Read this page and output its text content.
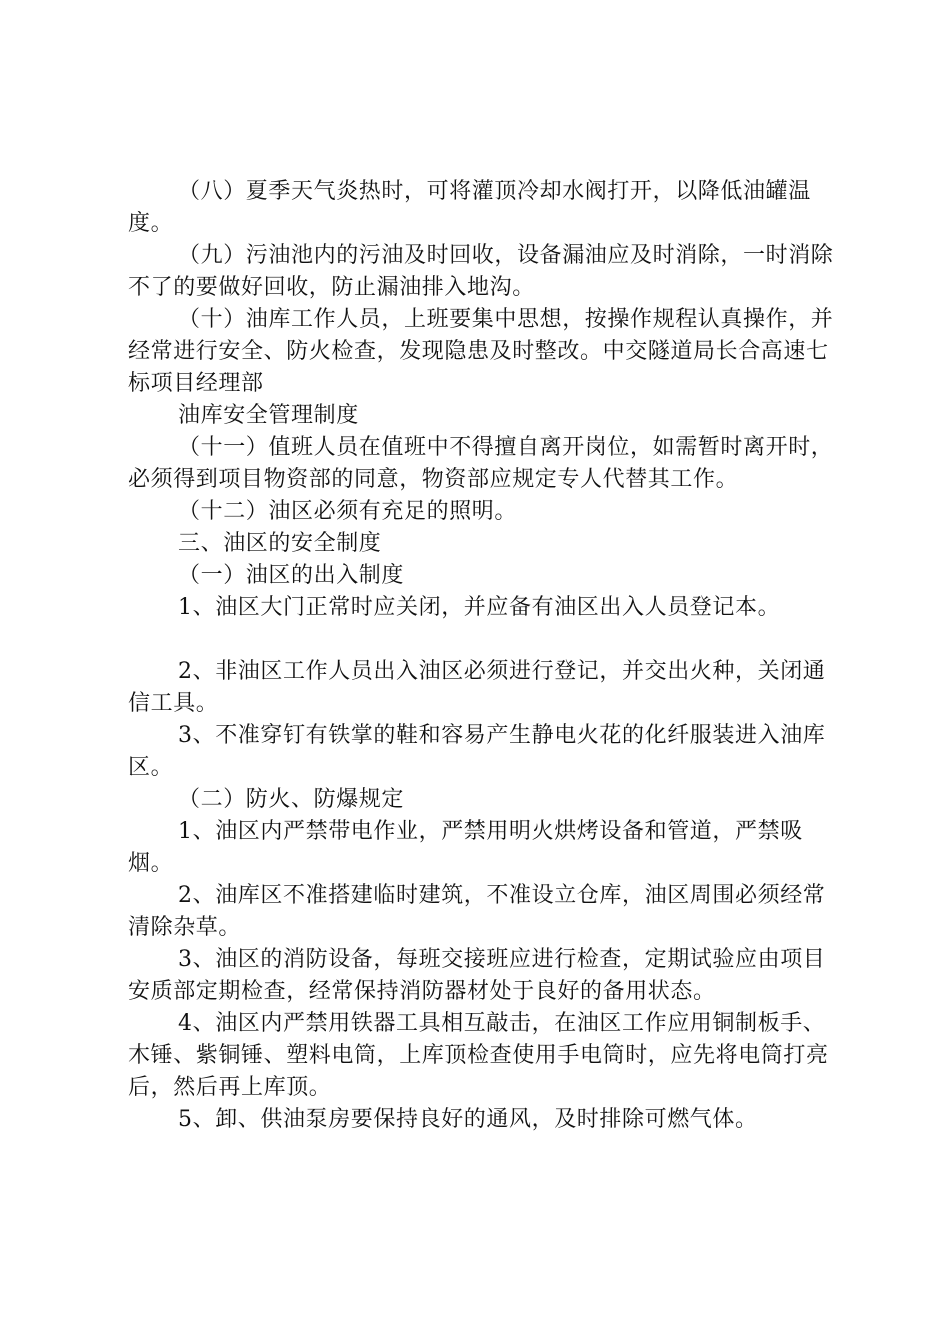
（八）夏季天气炎热时，可将灌顶冷却水阀打开，以降低油罐温度。

（九）污油池内的污油及时回收，设备漏油应及时消除，一时消除不了的要做好回收，防止漏油排入地沟。

（十）油库工作人员，上班要集中思想，按操作规程认真操作，并经常进行安全、防火检查，发现隐患及时整改。中交隧道局长合高速七标项目经理部

油库安全管理制度

（十一）值班人员在值班中不得擅自离开岗位，如需暂时离开时，必须得到项目物资部的同意，物资部应规定专人代替其工作。

（十二）油区必须有充足的照明。

三、油区的安全制度

（一）油区的出入制度

1、油区大门正常时应关闭，并应备有油区出入人员登记本。

2、非油区工作人员出入油区必须进行登记，并交出火种，关闭通信工具。

3、不准穿钉有铁掌的鞋和容易产生静电火花的化纤服装进入油库区。

（二）防火、防爆规定

1、油区内严禁带电作业，严禁用明火烘烤设备和管道，严禁吸烟。

2、油库区不准搭建临时建筑，不准设立仓库，油区周围必须经常清除杂草。

3、油区的消防设备，每班交接班应进行检查，定期试验应由项目安质部定期检查，经常保持消防器材处于良好的备用状态。

4、油区内严禁用铁器工具相互敲击，在油区工作应用铜制板手、木锤、紫铜锤、塑料电筒，上库顶检查使用手电筒时，应先将电筒打亮后，然后再上库顶。

5、卸、供油泵房要保持良好的通风，及时排除可燃气体。
